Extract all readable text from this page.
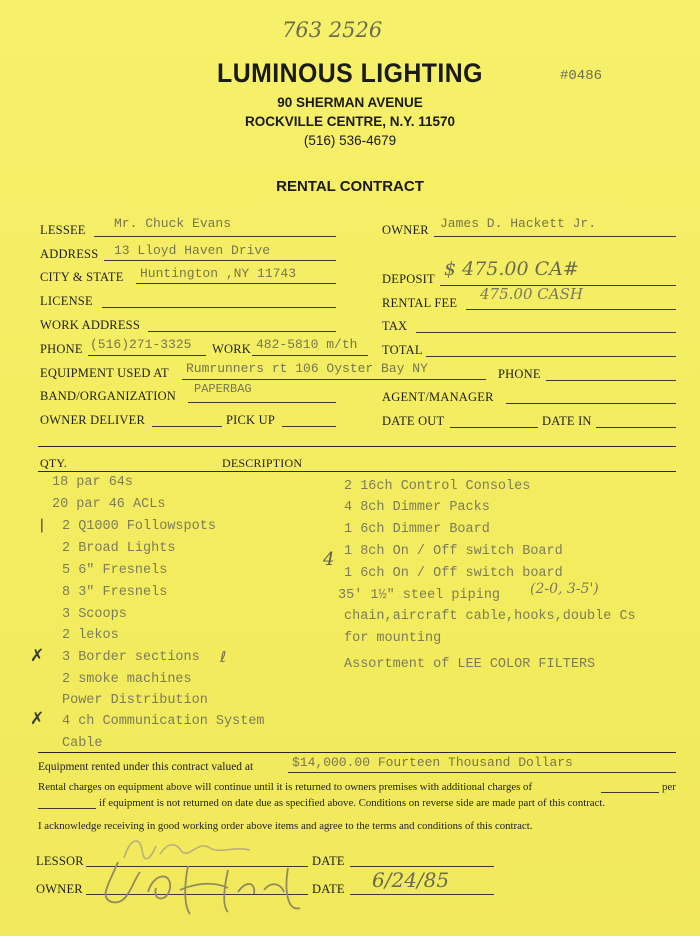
763 2526
LUMINOUS LIGHTING
90 SHERMAN AVENUE
ROCKVILLE CENTRE, N.Y. 11570
(516) 536-4679
#0486
RENTAL CONTRACT
LESSEE Mr. Chuck Evans	OWNER James D. Hackett Jr.
ADDRESS 13 Lloyd Haven Drive
CITY & STATE Huntington ,NY 11743	DEPOSIT $ 475.00 CA#
LICENSE	RENTAL FEE 475.00 CASH
WORK ADDRESS	TAX
PHONE (516)271-3325 WORK 482-5810 m/th TOTAL
EQUIPMENT USED AT Rumrunners rt 106 Oyster Bay NY	PHONE
BAND/ORGANIZATION PAPERBAG
AGENT/MANAGER
OWNER DELIVER	PICK UP	DATE OUT	DATE IN
QTY.	DESCRIPTION
18 par 64s
20 par 46 ACLs
2 Q1000 Followspots
2 Broad Lights
5 6" Fresnels
8 3" Fresnels
3 Scoops
2 lekos
3 Border sections
2 smoke machines
Power Distribution
4 ch Communication System
Cable
2 16ch Control Consoles
4 8ch Dimmer Packs
1 6ch Dimmer Board
1 8ch On / Off switch Board
1 6ch On / Off switch board
35' 1½" steel piping
chain,aircraft cable,hooks,double Cs
for mounting
Assortment of LEE COLOR FILTERS
(2-0, 3-5')
4
❘
✗
✗
ℓ
Equipment rented under this contract valued at	$14,000.00 Fourteen Thousand Dollars
Rental charges on equipment above will continue until it is returned to owners premises with additional charges of	per
if equipment is not returned on date due as specified above. Conditions on reverse side are made part of this contract.
I acknowledge receiving in good working order above items and agree to the terms and conditions of this contract.
LESSOR	DATE
OWNER	DATE 6/24/85
